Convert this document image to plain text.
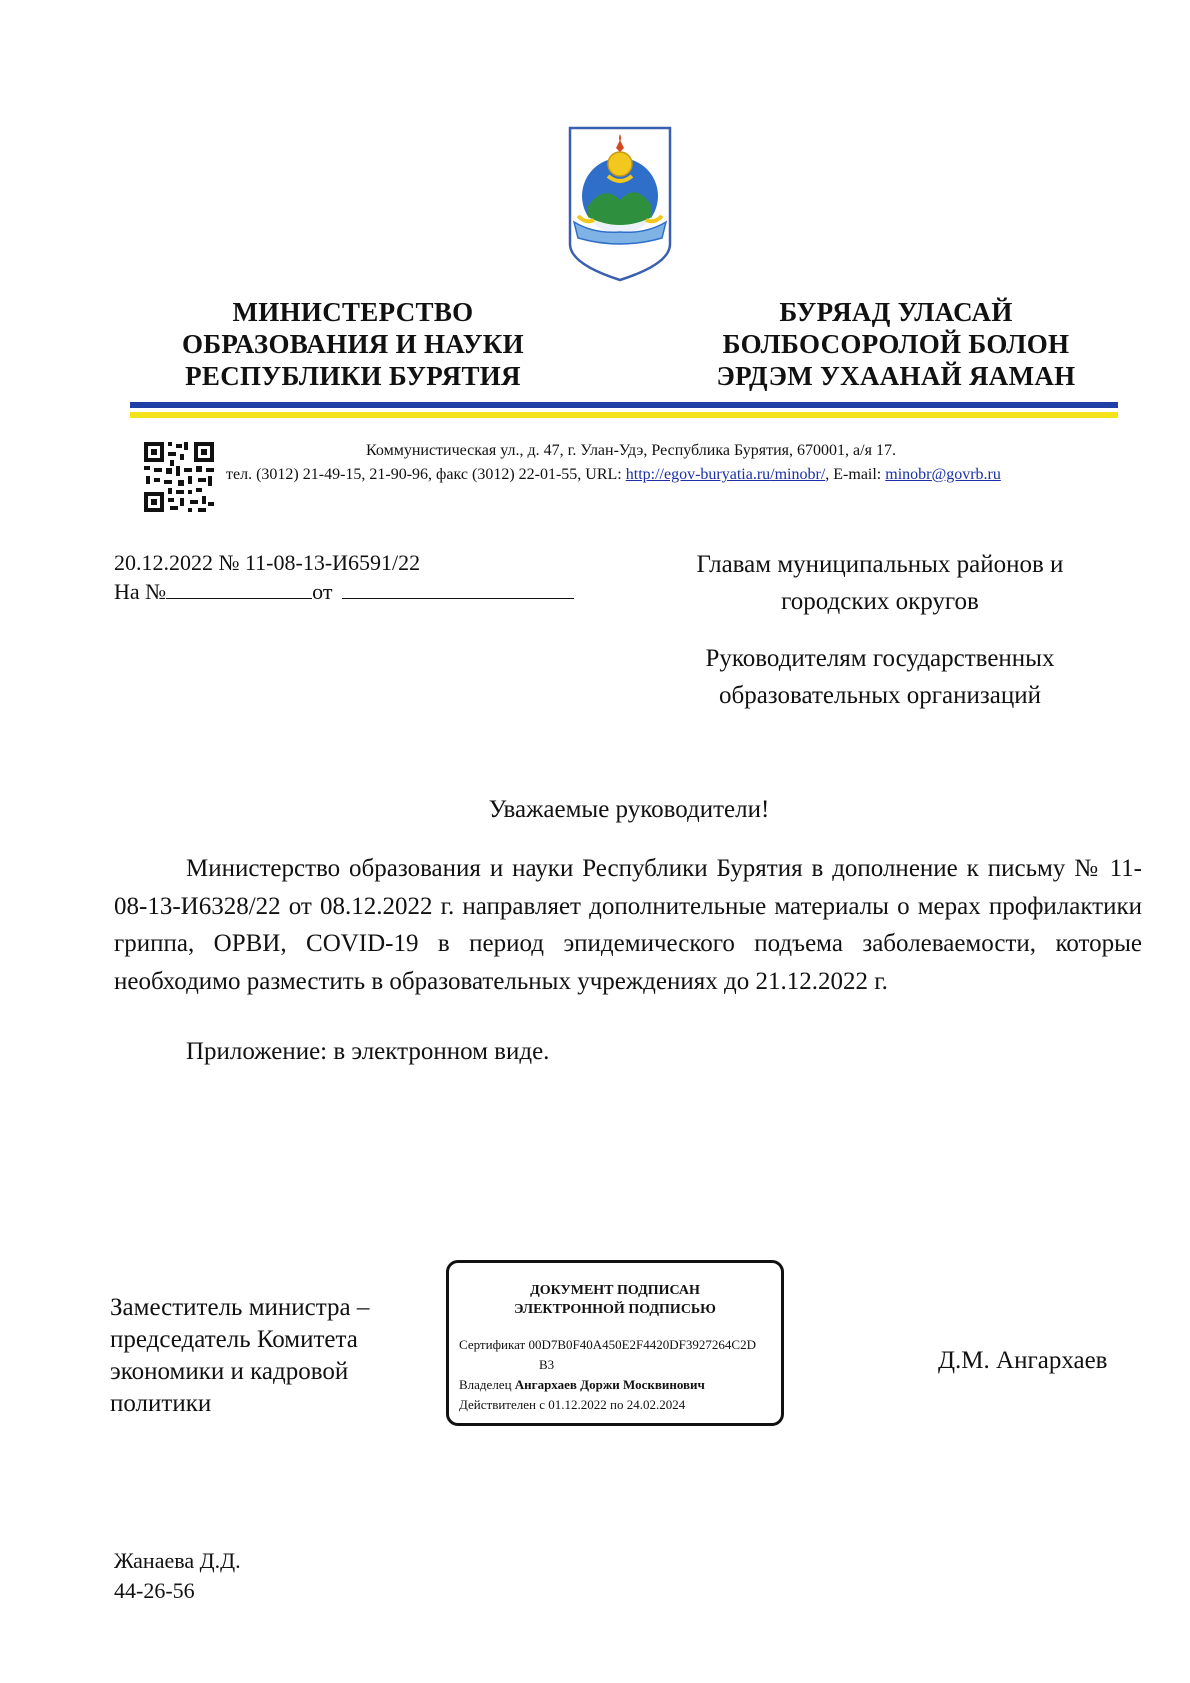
МИНИСТЕРСТВО
ОБРАЗОВАНИЯ И НАУКИ
РЕСПУБЛИКИ БУРЯТИЯ
БУРЯАД УЛАСАЙ
БОЛБОСОРОЛОЙ БОЛОН
ЭРДЭМ УХААНАЙ ЯАМАН
Коммунистическая ул., д. 47, г. Улан-Удэ, Республика Бурятия, 670001, а/я 17.
тел. (3012) 21-49-15, 21-90-96, факс (3012) 22-01-55, URL: http://egov-buryatia.ru/minobr/, E-mail: minobr@govrb.ru
20.12.2022 № 11-08-13-И6591/22
На №	от
Главам муниципальных районов и городских округов
Руководителям государственных образовательных организаций
Уважаемые руководители!

Министерство образования и науки Республики Бурятия в дополнение к письму № 11-08-13-И6328/22 от 08.12.2022 г. направляет дополнительные материалы о мерах профилактики гриппа, ОРВИ, COVID-19 в период эпидемического подъема заболеваемости, которые необходимо разместить в образовательных учреждениях до 21.12.2022 г.

Приложение: в электронном виде.
Заместитель министра –
председатель Комитета
экономики и кадровой
политики
ДОКУМЕНТ ПОДПИСАН
ЭЛЕКТРОННОЙ ПОДПИСЬЮ
Сертификат 00D7B0F40A450E2F4420DF3927264C2D
B3
Владелец Ангархаев Доржи Москвинович
Действителен с 01.12.2022 по 24.02.2024
Д.М. Ангархаев
Жанаева Д.Д.
44-26-56
